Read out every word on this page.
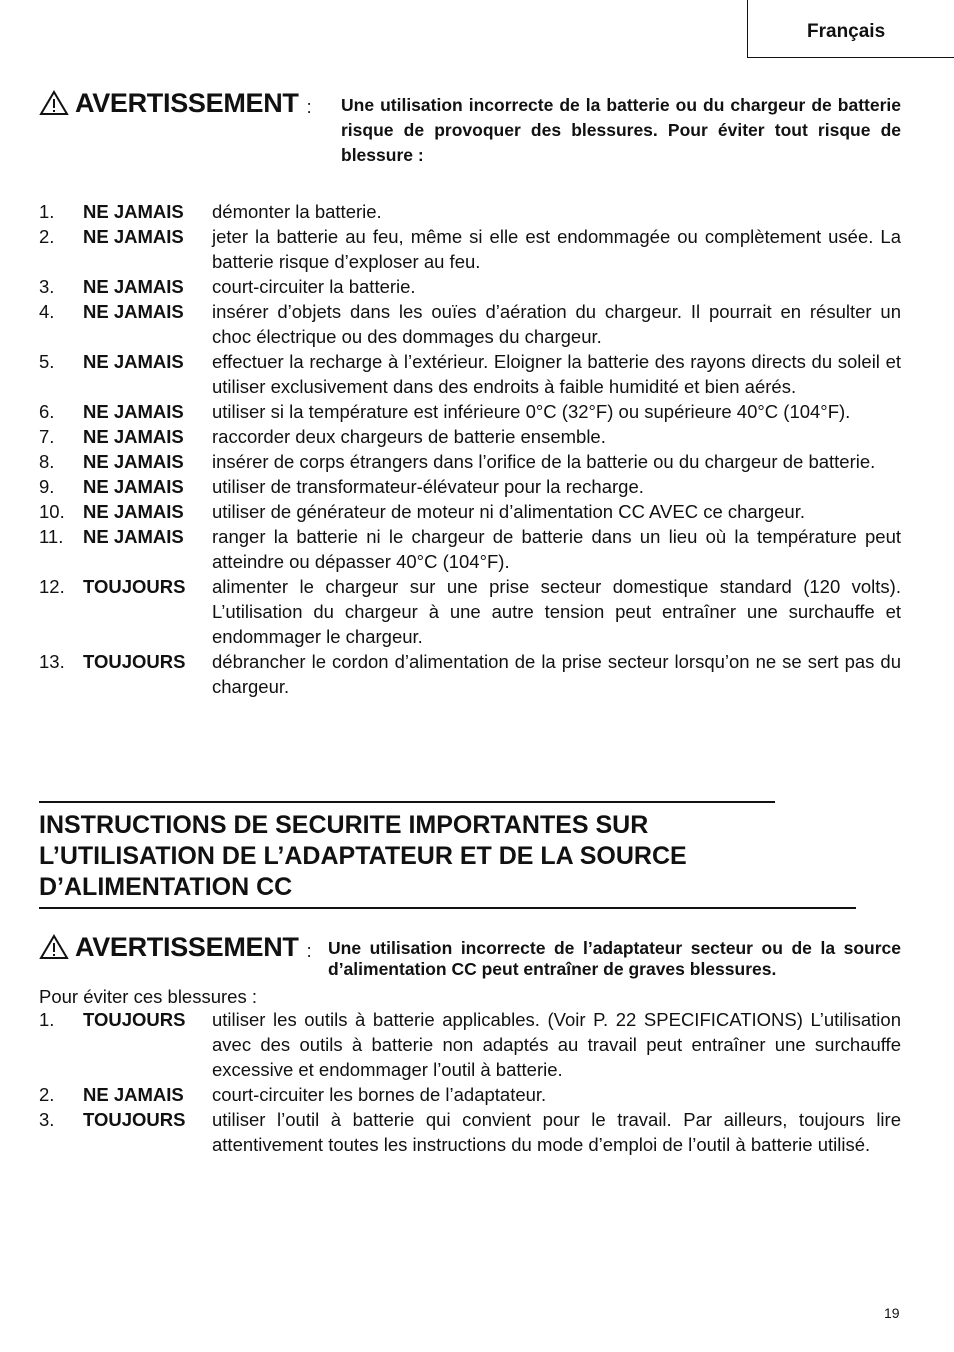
Français
AVERTISSEMENT : Une utilisation incorrecte de la batterie ou du chargeur de batterie risque de provoquer des blessures. Pour éviter tout risque de blessure :
1. NE JAMAIS démonter la batterie.
2. NE JAMAIS jeter la batterie au feu, même si elle est endommagée ou complètement usée. La batterie risque d’exploser au feu.
3. NE JAMAIS court-circuiter la batterie.
4. NE JAMAIS insérer d’objets dans les ouïes d’aération du chargeur. Il pourrait en résulter un choc électrique ou des dommages du chargeur.
5. NE JAMAIS effectuer la recharge à l’extérieur. Eloigner la batterie des rayons directs du soleil et utiliser exclusivement dans des endroits à faible humidité et bien aérés.
6. NE JAMAIS utiliser si la température est inférieure 0°C (32°F) ou supérieure 40°C (104°F).
7. NE JAMAIS raccorder deux chargeurs de batterie ensemble.
8. NE JAMAIS insérer de corps étrangers dans l’orifice de la batterie ou du chargeur de batterie.
9. NE JAMAIS utiliser de transformateur-élévateur pour la recharge.
10. NE JAMAIS utiliser de générateur de moteur ni d’alimentation CC AVEC ce chargeur.
11. NE JAMAIS ranger la batterie ni le chargeur de batterie dans un lieu où la température peut atteindre ou dépasser 40°C (104°F).
12. TOUJOURS alimenter le chargeur sur une prise secteur domestique standard (120 volts). L’utilisation du chargeur à une autre tension peut entraîner une surchauffe et endommager le chargeur.
13. TOUJOURS débrancher le cordon d’alimentation de la prise secteur lorsqu’on ne se sert pas du chargeur.
INSTRUCTIONS DE SECURITE IMPORTANTES SUR L’UTILISATION DE L’ADAPTATEUR ET DE LA SOURCE D’ALIMENTATION CC
AVERTISSEMENT : Une utilisation incorrecte de l’adaptateur secteur ou de la source d’alimentation CC peut entraîner de graves blessures.
Pour éviter ces blessures :
1. TOUJOURS utiliser les outils à batterie applicables. (Voir P. 22 SPECIFICATIONS) L’utilisation avec des outils à batterie non adaptés au travail peut entraîner une surchauffe excessive et endommager l’outil à batterie.
2. NE JAMAIS court-circuiter les bornes de l’adaptateur.
3. TOUJOURS utiliser l’outil à batterie qui convient pour le travail. Par ailleurs, toujours lire attentivement toutes les instructions du mode d’emploi de l’outil à batterie utilisé.
19
